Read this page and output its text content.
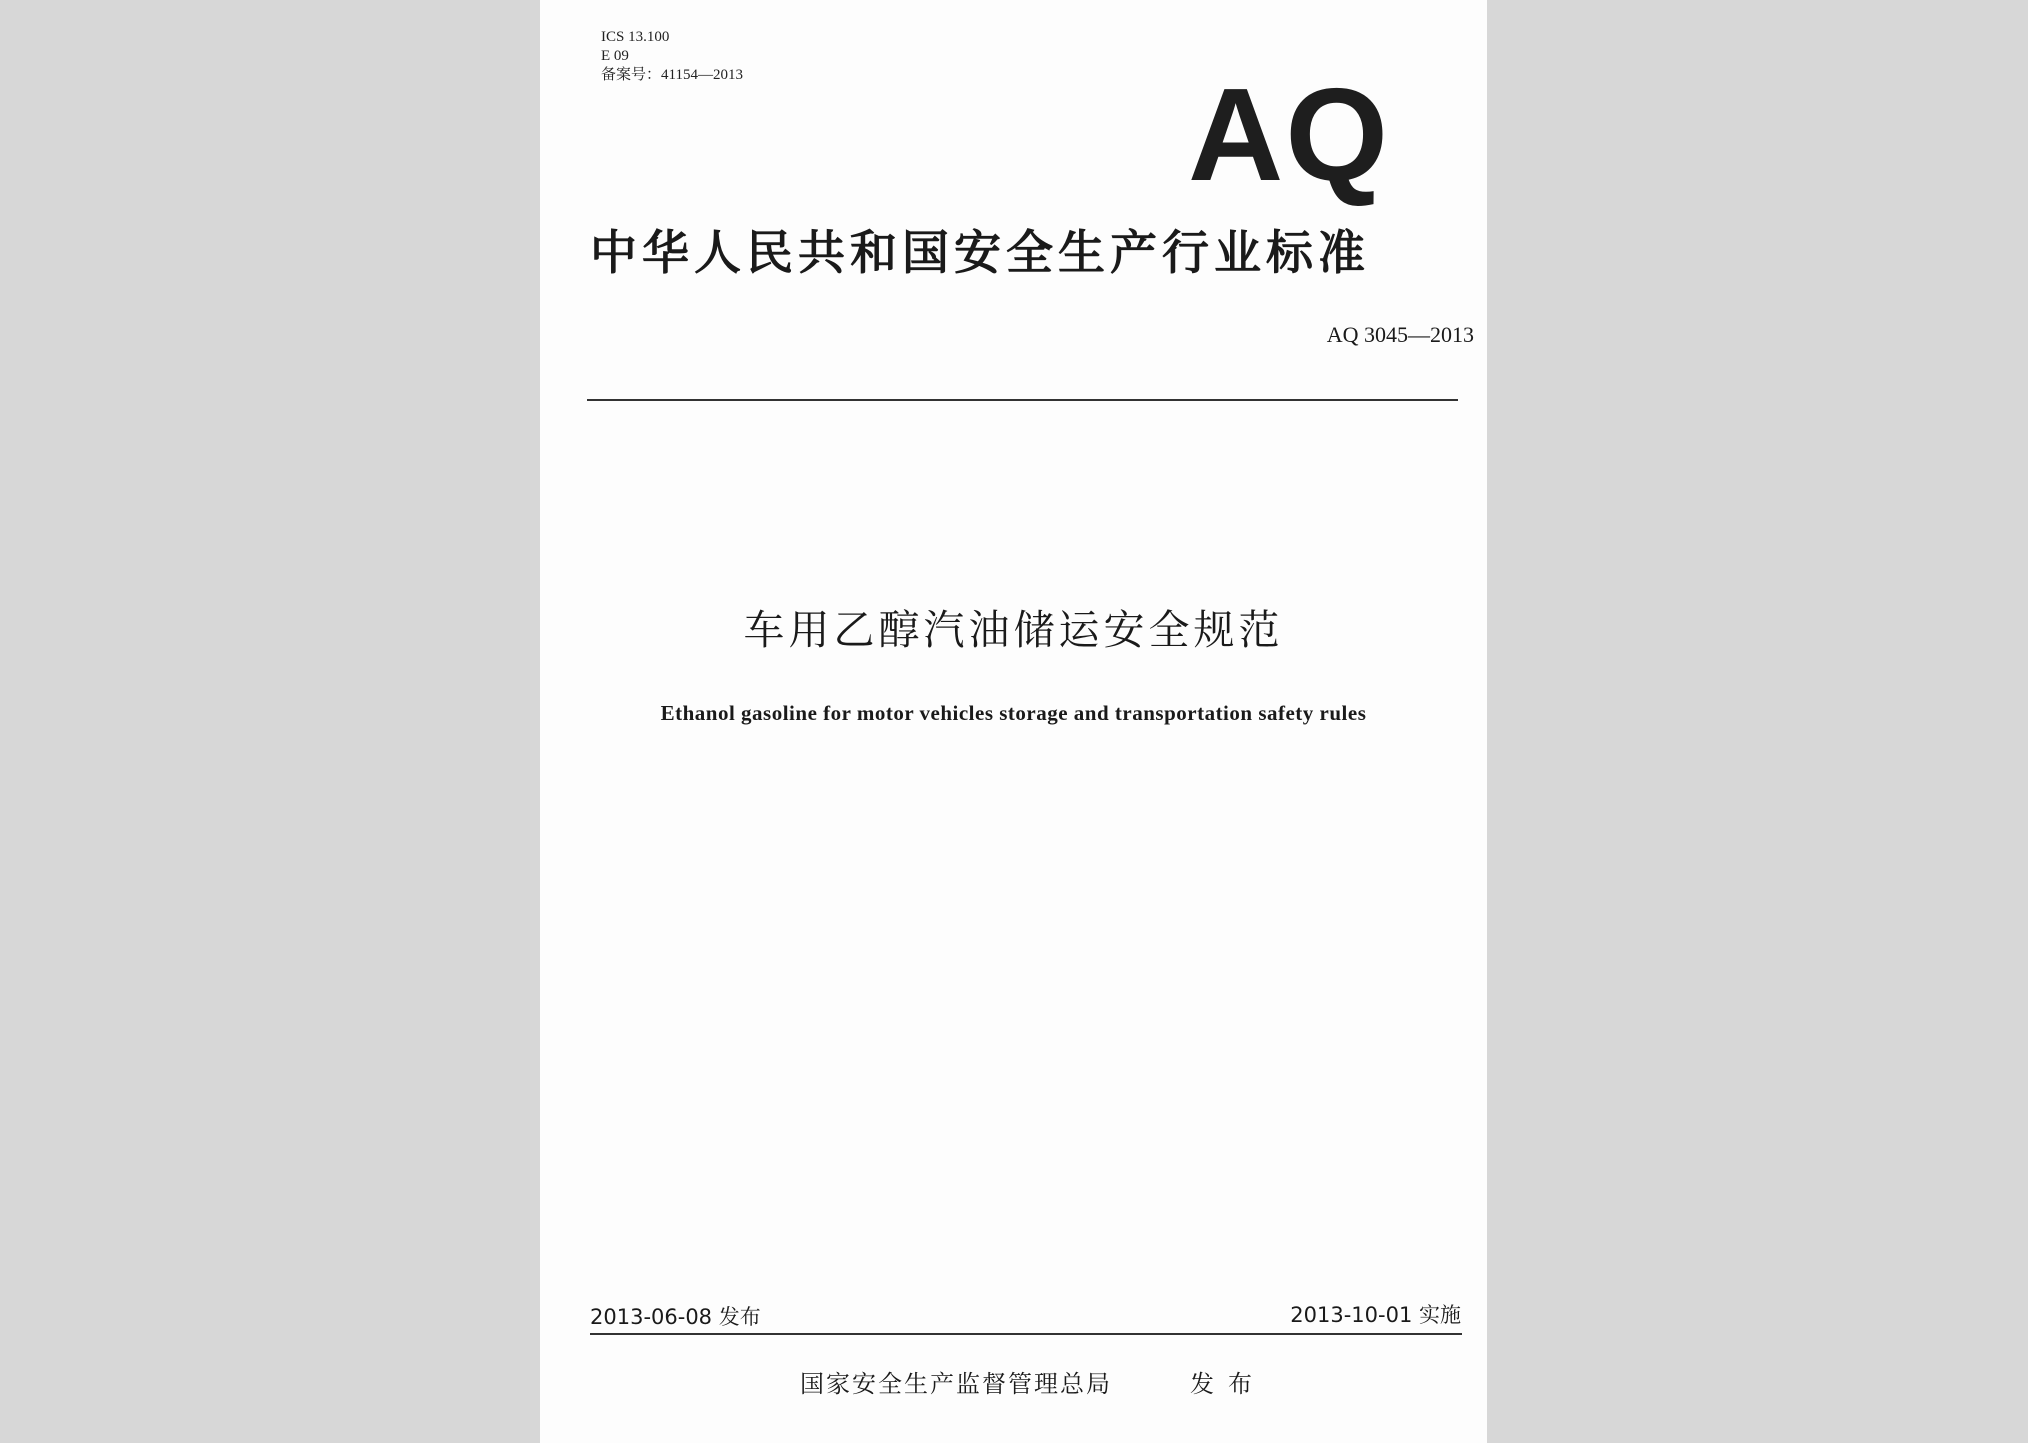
ICS 13.100
E 09
备案号：41154—2013	AQ
中华人民共和国安全生产行业标准
AQ 3045—2013
车用乙醇汽油储运安全规范
Ethanol gasoline for motor vehicles storage and transportation safety rules
2013-06-08 发布	2013-10-01 实施
国家安全生产监督管理总局	发布
